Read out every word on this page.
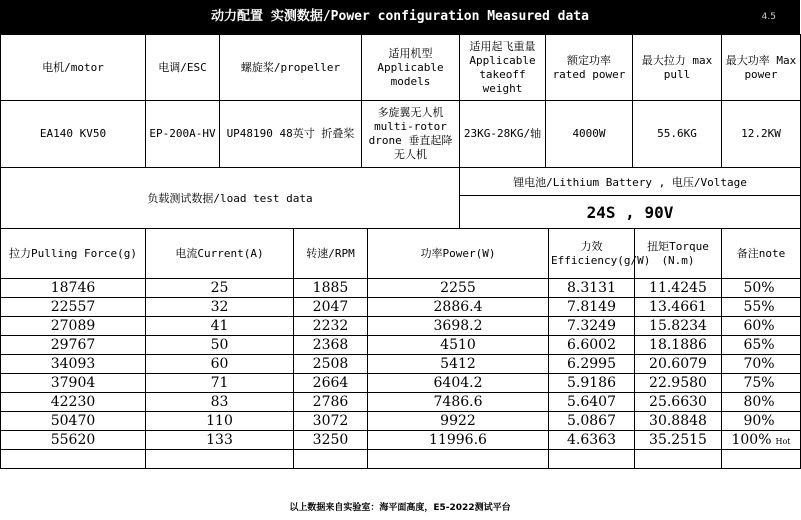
动力配置 实测数据/Power configuration Measured data	4.5
电机/motor	电调/ESC	螺旋桨/propeller	适用机型 Applicable models	适用起飞重量 Applicable takeoff weight	额定功率 rated power	最大拉力 max pull	最大功率 Max power
EA140 KV50	EP-200A-HV	UP48190 48英寸 折叠桨	多旋翼无人机 multi-rotor drone 垂直起降无人机	23KG-28KG/轴	4000W	55.6KG	12.2KW
负载测试数据/load test data	锂电池/Lithium Battery , 电压/Voltage
24S , 90V
拉力Pulling Force(g)	电流Current(A)	转速/RPM	功率Power(W)	力效 Efficiency(g/W)	扭矩Torque (N.m)	备注note
18746	25	1885	2255	8.3131	11.4245	50%
22557	32	2047	2886.4	7.8149	13.4661	55%
27089	41	2232	3698.2	7.3249	15.8234	60%
29767	50	2368	4510	6.6002	18.1886	65%
34093	60	2508	5412	6.2995	20.6079	70%
37904	71	2664	6404.2	5.9186	22.9580	75%
42230	83	2786	7486.6	5.6407	25.6630	80%
50470	110	3072	9922	5.0867	30.8848	90%
55620	133	3250	11996.6	4.6363	35.2515	100% Hot

以上数据来自实验室：海平面高度，E5-2022测试平台
